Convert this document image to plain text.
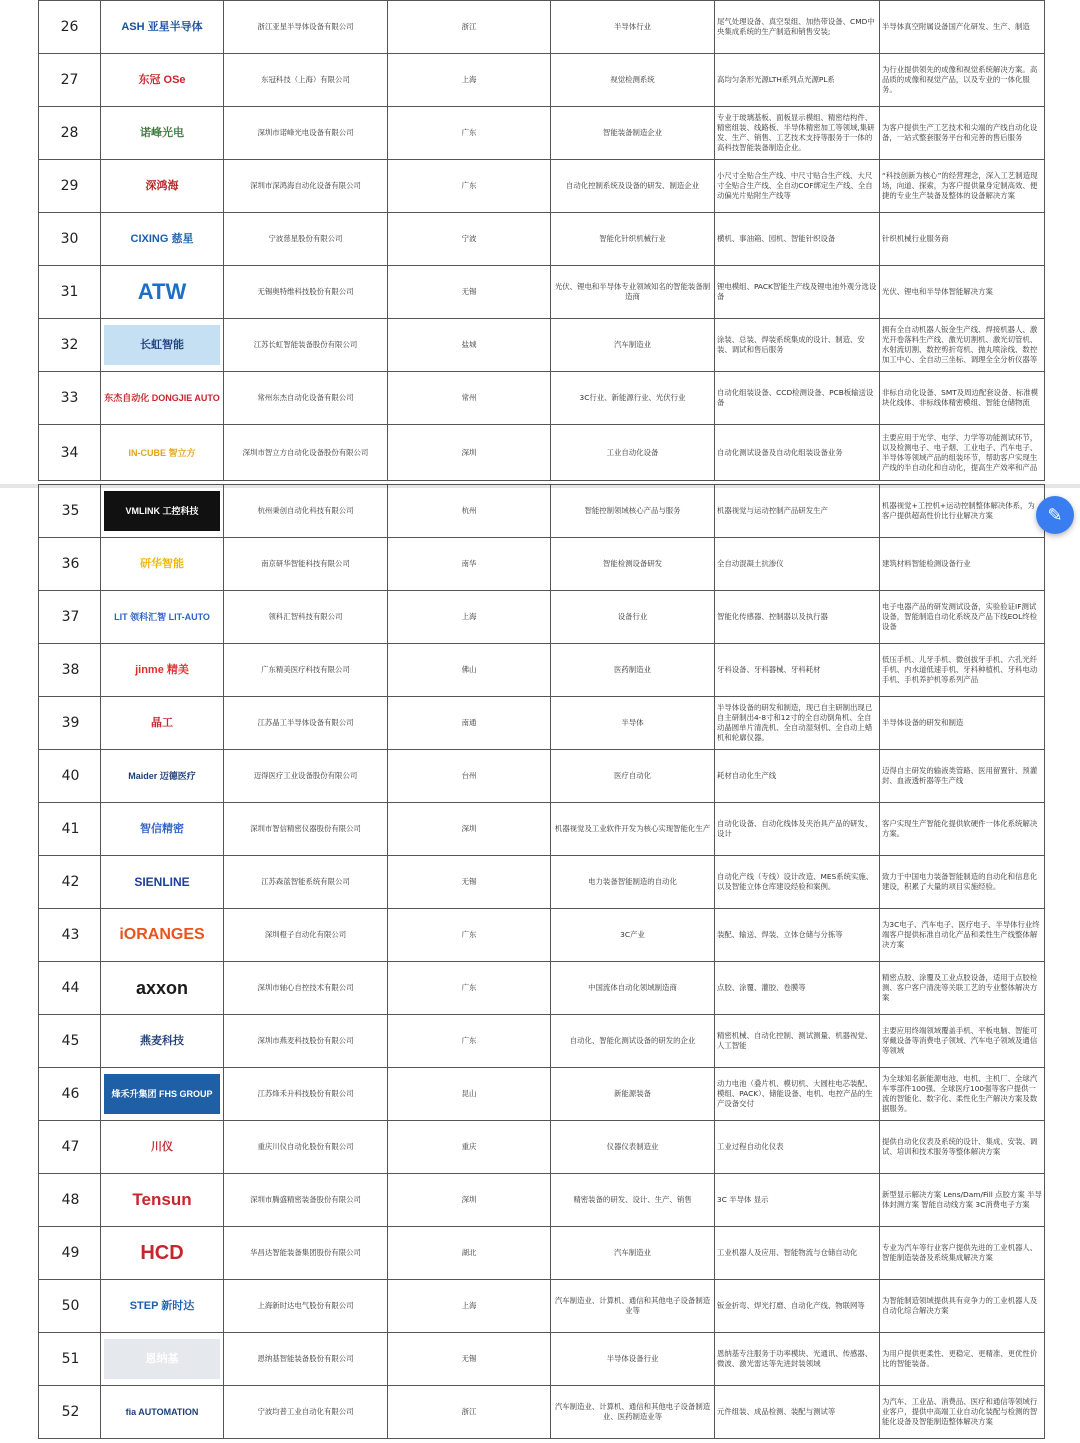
26	ASH 亚星半导体	浙江亚星半导体设备有限公司	浙江	半导体行业	尾气处理设备、真空泵组、加热带设备、CMD中央集成系统的生产制造和销售安装;	半导体真空附属设备国产化研发、生产、制造

27	东冠 OSe	东冠科技（上海）有限公司	上海	视觉检测系统	高均匀条形光源LTH系列点光源PL系	为行业提供领先的成像和视觉系统解决方案。高品质的成像和视觉产品，以及专业的一体化服务。

28	诺峰光电	深圳市诺峰光电设备有限公司	广东	智能装备制造企业	专业于玻璃基板、面板显示模组、精密结构件、精密组装、线路板、半导体精密加工等领域,集研发、生产、销售、工艺技术支持等服务于一体的高科技智能装备制造企业。	为客户提供生产工艺技术和尖端的产线自动化设备，一站式整套服务平台和完善的售后服务

29	深鸿海	深圳市深鸿海自动化设备有限公司	广东	自动化控制系统及设备的研发、制造企业	小尺寸全贴合生产线、中尺寸贴合生产线、大尺寸全贴合生产线、全自动COF绑定生产线、全自动偏光片贴附生产线等	“科技创新为核心”的经营理念，深入工艺制造现场，向道、探索，为客户提供量身定制高效、便捷的专业生产装备及整体的设备解决方案

30	CIXING 慈星	宁波慈星股份有限公司	宁波	智能化针织机械行业	横机、事油箱、园机、智能针织设备	针织机械行业服务商

31	ATW	无锡奥特维科技股份有限公司	无锡	光伏、锂电和半导体专业领域知名的智能装备制造商	锂电模组、PACK智能生产线及锂电池外观分选设备	光伏、锂电和半导体智能解决方案

32	长虹智能	江苏长虹智能装备股份有限公司	盐城	汽车制造业	涂装、总装、焊装系统集成的设计、制造、安装、调试和售后服务	拥有全自动机器人钣金生产线、焊接机器人、激光开卷落料生产线、激光切割机、激光切管机、水射流切割、数控剪折弯机、抛丸喷涂线、数控加工中心、全自动三坐标、调理全全分析仪器等

33	东杰自动化 DONGJIE AUTO	常州东杰自动化设备有限公司	常州	3C行业、新能源行业、光伏行业	自动化组装设备、CCD检测设备、PCB板输送设备	非标自动化设备、SMT及周边配套设备、标准模块化线体、非标线体精密模组、智能仓储物流

34	IN-CUBE 智立方	深圳市智立方自动化设备股份有限公司	深圳	工业自动化设备	自动化测试设备及自动化组装设备业务	主要应用于光学、电学、力学等功能测试环节，以及检测电子、电子烟、工业电子、汽车电子、半导体等领域产品的组装环节，帮助客户实现生产线的半自动化和自动化，提高生产效率和产品
35	VMLINK 工控科技	杭州秉创自动化科技有限公司	杭州	智能控制领域核心产品与服务	机器视觉与运动控制产品研发生产	机器视觉+工控机+运动控制整体解决体系，为客户提供超高性价比行业解决方案

36	研华智能	南京研华智能科技有限公司	南华	智能检测设备研发	全自动混凝土抗渗仪	建筑材料智能检测设备行业

37	LIT 领科汇智 LIT-AUTO	领科汇智科技有限公司	上海	设备行业	智能化传感器、控制器以及执行器	电子电器产品的研发测试设备，实验验证IF测试设备，智能制造自动化系统及产品下线EOL终检设备

38	jinme 精美	广东精美医疗科技有限公司	佛山	医药制造业	牙科设备、牙科器械、牙科耗材	低压手机、儿牙手机、微创拔牙手机、六孔光纤手机、内水道低速手机、牙科种植机、牙科电动手机、手机养护机等系列产品

39	晶工	江苏晶工半导体设备有限公司	南通	半导体	半导体设备的研发和制造，现已自主研制出现已自主研制出4-8寸和12寸的全自动倒角机、全自动晶圆单片清洗机、全自动湿刻机、全自动上蜡机和轮廓仪器。	半导体设备的研发和制造

40	Maider 迈德医疗	迈得医疗工业设备股份有限公司	台州	医疗自动化	耗材自动化生产线	迈得自主研发的输液类管路、医用留置针、预灌封、血液透析器等生产线

41	智信精密	深圳市智信精密仪器股份有限公司	深圳	机器视觉及工业软件开发为核心实现智能化生产	自动化设备、自动化线体及夹治具产品的研发、设计	客户实现生产智能化提供软硬件一体化系统解决方案。

42	SIENLINE	江苏森蓝智能系统有限公司	无锡	电力装备智能制造的自动化	自动化产线（专线）设计改造、MES系统实施、以及智能立体仓库建设经验和案例。	致力于中国电力装备智能制造的自动化和信息化建设，积累了大量的项目实施经验。

43	iORANGES	深圳橙子自动化有限公司	广东	3C产业	装配、输送、焊装、立体仓储与分拣等	为3C电子、汽车电子、医疗电子、半导体行业终端客户提供标准自动化产品和柔性生产线整体解决方案

44	axxon	深圳市轴心自控技术有限公司	广东	中国流体自动化领域制造商	点胶、涂覆、灌胶、卷膜等	精密点胶、涂覆及工业点胶设备，适用于点胶检测、客户客户清洗等关联工艺的专业整体解决方案

45	燕麦科技	深圳市燕麦科技股份有限公司	广东	自动化、智能化测试设备的研发的企业	精密机械、自动化控制、测试测量、机器视觉、人工智能	主要应用终端领域覆盖手机、平板电脑、智能可穿戴设备等消费电子领域、汽车电子领域及通信等领域

46	烽禾升集团 FHS GROUP	江苏烽禾升科技股份有限公司	昆山	新能源装备	动力电池（叠片机、模切机、大圆柱电芯装配、模组、PACK）、储能设备、电机、电控产品的生产设备交付	为全球知名新能源电池、电机、主机厂、全球汽车零部件100强、全球医疗100强等客户提供一流的智能化、数字化、柔性化生产解决方案及数据服务。

47	川仪	重庆川仪自动化股份有限公司	重庆	仪器仪表制造业	工业过程自动化仪表	提供自动化仪表及系统的设计、集成、安装、调试、培训和技术服务等整体解决方案

48	Tensun	深圳市腾盛精密装备股份有限公司	深圳	精密装备的研发、设计、生产、销售	3C 半导体 显示	新型显示解决方案 Lens/Dam/Fill 点胶方案 半导体封测方案 智能自动线方案 3C消费电子方案

49	HCD	华昌达智能装备集团股份有限公司	湖北	汽车制造业	工业机器人及应用、智能物流与仓储自动化	专业为汽车等行业客户提供先进的工业机器人、智能制造装备及系统集成解决方案

50	STEP 新时达	上海新时达电气股份有限公司	上海	汽车制造业、计算机、通信和其他电子设备制造业等	钣金折弯、焊光打磨、自动化产线、物联网等	为智能制造领域提供具有竞争力的工业机器人及自动化综合解决方案

51	恩纳基	恩纳基智能装备股份有限公司	无锡	半导体设备行业	恩纳基专注服务于功率模块、光通讯、传感器、微波、激光雷达等先进封装领域	为用户提供更柔性、更稳定、更精准、更优性价比的智能装备。

52	fia AUTOMATION	宁波均普工业自动化有限公司	浙江	汽车制造业、计算机、通信和其他电子设备制造业、医药制造业等	元件组装、成品检测、装配与测试等	为汽车、工业品、消费品、医疗和通信等领域行业客户，提供中高端工业自动化装配与检测的智能化设备及智能制造整体解决方案
✎
